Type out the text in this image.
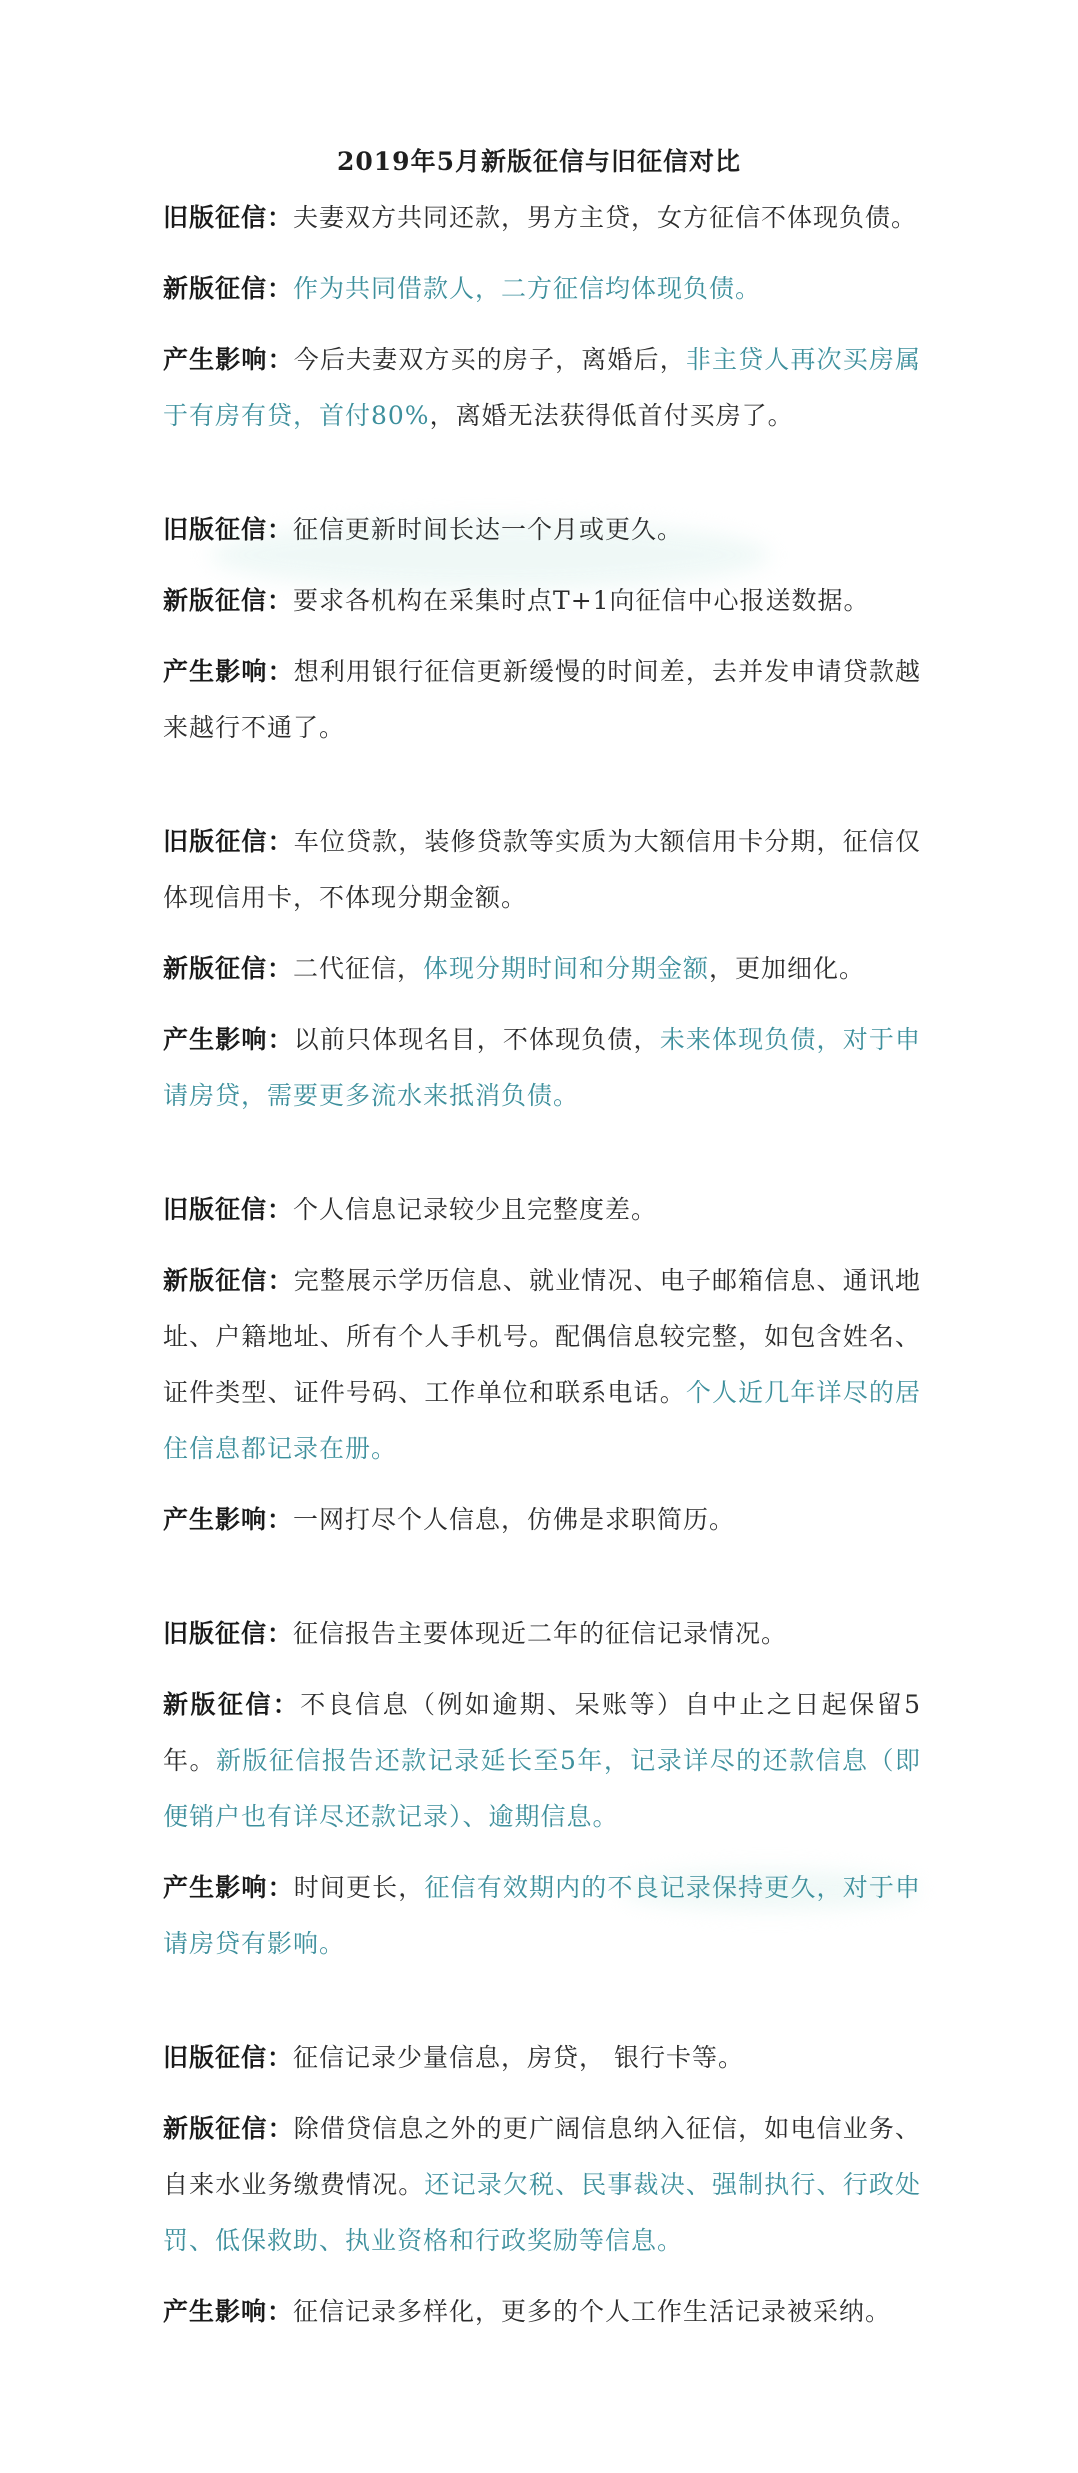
2019年5月新版征信与旧征信对比
旧版征信：夫妻双方共同还款，男方主贷，女方征信不体现负债。
新版征信：作为共同借款人，二方征信均体现负债。
产生影响：今后夫妻双方买的房子，离婚后，非主贷人再次买房属于有房有贷，首付80%，离婚无法获得低首付买房了。
旧版征信：征信更新时间长达一个月或更久。
新版征信：要求各机构在采集时点T+1向征信中心报送数据。
产生影响：想利用银行征信更新缓慢的时间差，去并发申请贷款越来越行不通了。
旧版征信：车位贷款，装修贷款等实质为大额信用卡分期，征信仅体现信用卡，不体现分期金额。
新版征信：二代征信，体现分期时间和分期金额，更加细化。
产生影响：以前只体现名目，不体现负债，未来体现负债，对于申请房贷，需要更多流水来抵消负债。
旧版征信：个人信息记录较少且完整度差。
新版征信：完整展示学历信息、就业情况、电子邮箱信息、通讯地址、户籍地址、所有个人手机号。配偶信息较完整，如包含姓名、证件类型、证件号码、工作单位和联系电话。个人近几年详尽的居住信息都记录在册。
产生影响：一网打尽个人信息，仿佛是求职简历。
旧版征信：征信报告主要体现近二年的征信记录情况。
新版征信：不良信息（例如逾期、呆账等）自中止之日起保留5年。新版征信报告还款记录延长至5年，记录详尽的还款信息（即便销户也有详尽还款记录）、逾期信息。
产生影响：时间更长，征信有效期内的不良记录保持更久，对于申请房贷有影响。
旧版征信：征信记录少量信息，房贷， 银行卡等。
新版征信：除借贷信息之外的更广阔信息纳入征信，如电信业务、自来水业务缴费情况。还记录欠税、民事裁决、强制执行、行政处罚、低保救助、执业资格和行政奖励等信息。
产生影响：征信记录多样化，更多的个人工作生活记录被采纳。
